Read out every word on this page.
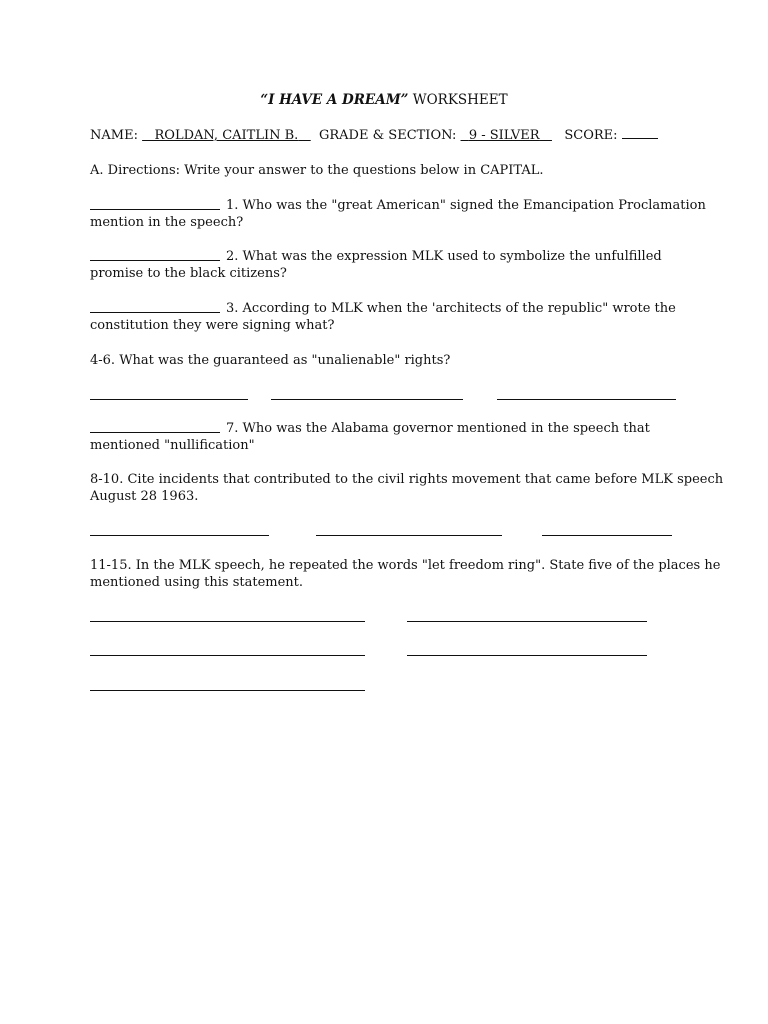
“I HAVE A DREAM” WORKSHEET
NAME: ROLDAN, CAITLIN B. GRADE & SECTION: 9 - SILVER SCORE:
A. Directions: Write your answer to the questions below in CAPITAL.
1. Who was the "great American" signed the Emancipation Proclamation
mention in the speech?
2. What was the expression MLK used to symbolize the unfulfilled
promise to the black citizens?
3. According to MLK when the 'architects of the republic" wrote the
constitution they were signing what?
4-6. What was the guaranteed as "unalienable" rights?
7. Who was the Alabama governor mentioned in the speech that
mentioned "nullification"
8-10. Cite incidents that contributed to the civil rights movement that came before MLK speech
August 28 1963.
11-15. In the MLK speech, he repeated the words "let freedom ring". State five of the places he
mentioned using this statement.
